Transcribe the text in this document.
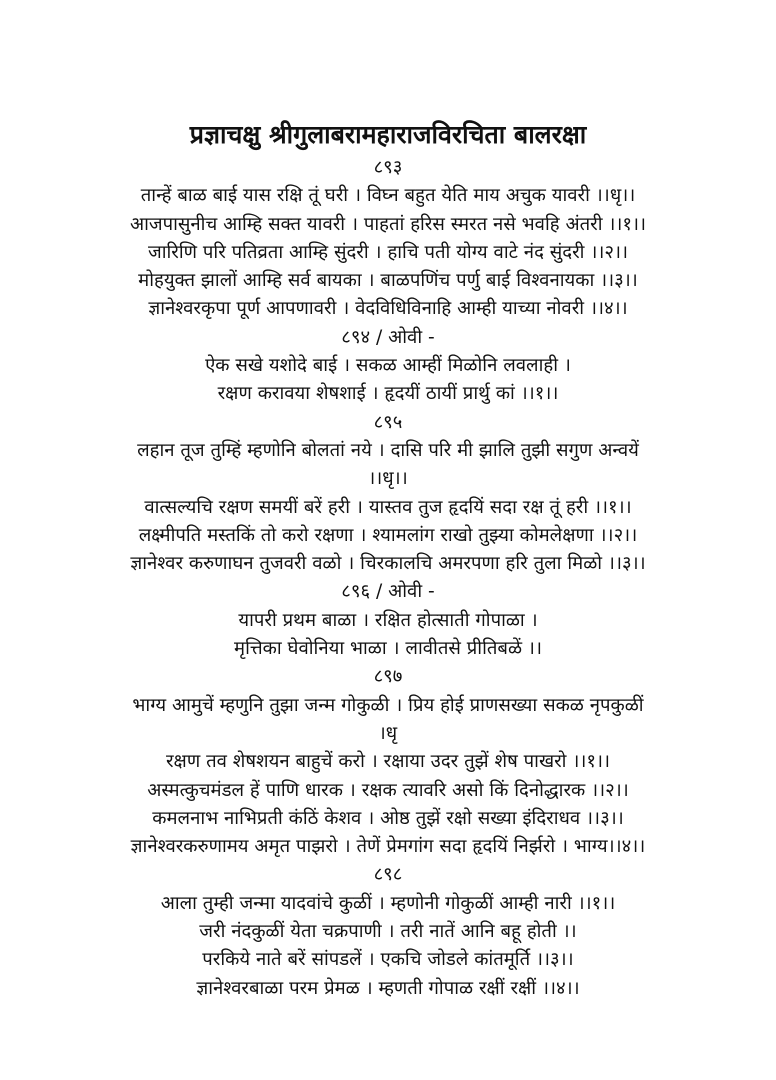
प्रज्ञाचक्षु श्रीगुलाबरामहाराजविरचिता बालरक्षा

८९३

तान्हें बाळ बाई यास रक्षि तूं घरी । विघ्न बहुत येति माय अचुक यावरी ।।धृ।।

आजपासुनीच आम्हि सक्त यावरी । पाहतां हरिस स्मरत नसे भवहि अंतरी ।।१।।

जारिणि परि पतिव्रता आम्हि सुंदरी । हाचि पती योग्य वाटे नंद सुंदरी ।।२।।

मोहयुक्त झालों आम्हि सर्व बायका । बाळपणिंच पर्णु बाई विश्वनायका ।।३।।

ज्ञानेश्वरकृपा पूर्ण आपणावरी । वेदविधिविनाहि आम्ही याच्या नोवरी ।।४।।

८९४ / ओवी -

ऐक सखे यशोदे बाई । सकळ आम्हीं मिळोनि लवलाही ।

रक्षण करावया शेषशाई । हृदयीं ठायीं प्रार्थु कां ।।१।।

८९५

लहान तूज तुम्हिं म्हणोनि बोलतां नये । दासि परि मी झालि तुझी सगुण अन्वयें

।।धृ।।

वात्सल्यचि रक्षण समयीं बरें हरी । यास्तव तुज हृदयिं सदा रक्ष तूं हरी ।।१।।

लक्ष्मीपति मस्तकिं तो करो रक्षणा । श्यामलांग राखो तुझ्या कोमलेक्षणा ।।२।।

ज्ञानेश्वर करुणाघन तुजवरी वळो । चिरकालचि अमरपणा हरि तुला मिळो ।।३।।

८९६ / ओवी -

यापरी प्रथम बाळा । रक्षित होत्साती गोपाळा ।

मृत्तिका घेवोनिया भाळा । लावीतसे प्रीतिबळें ।।

८९७

भाग्य आमुचें म्हणुनि तुझा जन्म गोकुळी । प्रिय होई प्राणसख्या सकळ नृपकुळीं

।धृ

रक्षण तव शेषशयन बाहुचें करो । रक्षाया उदर तुझें शेष पाखरो ।।१।।

अस्मत्कुचमंडल हें पाणि धारक । रक्षक त्यावरि असो किं दिनोद्धारक ।।२।।

कमलनाभ नाभिप्रती कंठिं केशव । ओष्ठ तुझें रक्षो सख्या इंदिराधव ।।३।।

ज्ञानेश्वरकरुणामय अमृत पाझरो । तेणें प्रेमगांग सदा हृदयिं निर्झरो । भाग्य।।४।।

८९८

आला तुम्ही जन्मा यादवांचे कुळीं । म्हणोनी गोकुळीं आम्ही नारी ।।१।।

जरी नंदकुळीं येता चक्रपाणी । तरी नातें आनि बहू होती ।।

परकिये नाते बरें सांपडलें । एकचि जोडले कांतमूर्ति ।।३।।

ज्ञानेश्वरबाळा परम प्रेमळ । म्हणती गोपाळ रक्षीं रक्षीं ।।४।।
